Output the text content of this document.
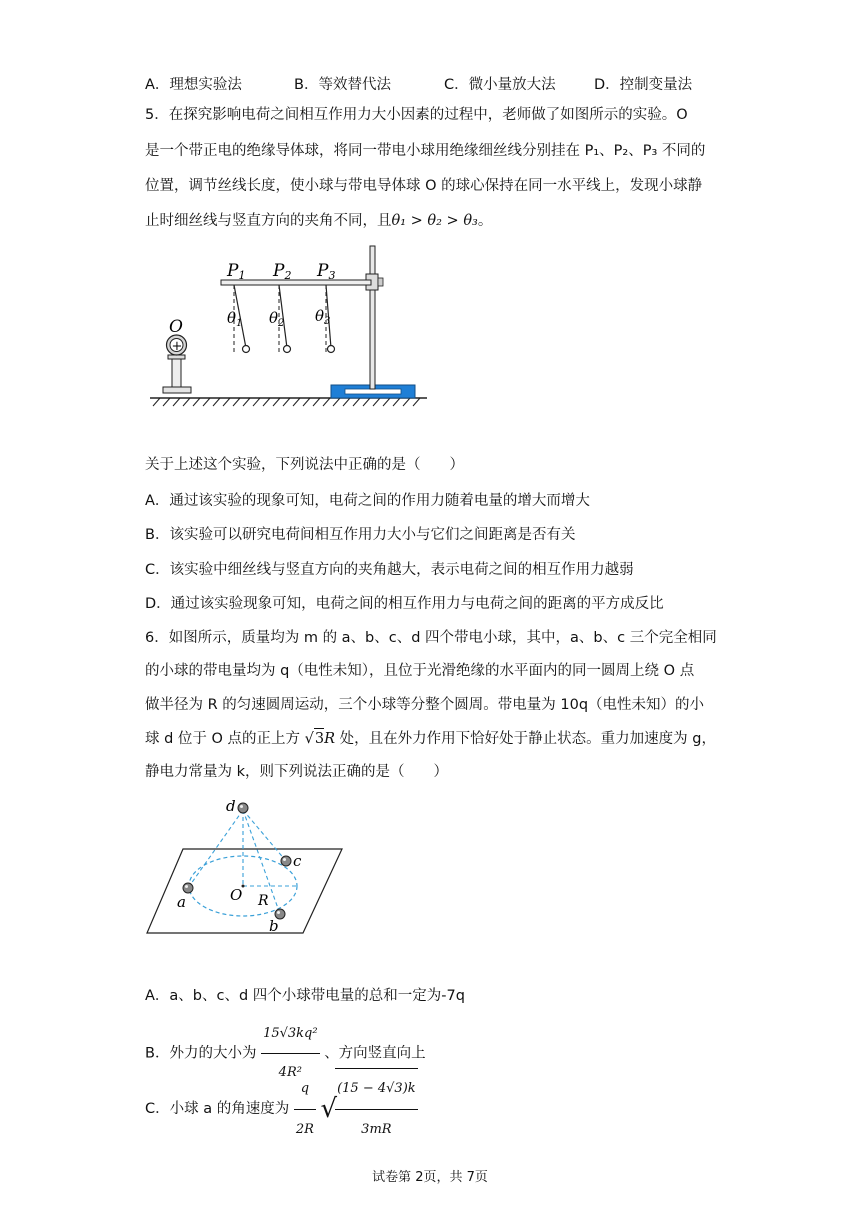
A．理想实验法	B．等效替代法	C．微小量放大法	D．控制变量法
5．在探究影响电荷之间相互作用力大小因素的过程中，老师做了如图所示的实验。O
是一个带正电的绝缘导体球，将同一带电小球用绝缘细丝线分别挂在 P₁、P₂、P₃ 不同的
位置，调节丝线长度，使小球与带电导体球 O 的球心保持在同一水平线上，发现小球静
止时细丝线与竖直方向的夹角不同，且θ₁ > θ₂ > θ₃。
P1 P2 P3
$\theta_1$ $\theta_2$ $\theta_3$
+
O
关于上述这个实验，下列说法中正确的是（　　）
A．通过该实验的现象可知，电荷之间的作用力随着电量的增大而增大
B．该实验可以研究电荷间相互作用力大小与它们之间距离是否有关
C．该实验中细丝线与竖直方向的夹角越大，表示电荷之间的相互作用力越弱
D．通过该实验现象可知，电荷之间的相互作用力与电荷之间的距离的平方成反比
6．如图所示，质量均为 m 的 a、b、c、d 四个带电小球，其中，a、b、c 三个完全相同
的小球的带电量均为 q（电性未知），且位于光滑绝缘的水平面内的同一圆周上绕 O 点
做半径为 R 的匀速圆周运动，三个小球等分整个圆周。带电量为 10q（电性未知）的小
球 d 位于 O 点的正上方 √3R 处，且在外力作用下恰好处于静止状态。重力加速度为 g，
静电力常量为 k，则下列说法正确的是（　　）
d
c
a
b
O R
A．a、b、c、d 四个小球带电量的总和一定为-7q
B．外力的大小为 $\frac{\text{15√3kq²}}{\text{4R²}}$ 、方向竖直向上
C．小球 a 的角速度为 $\frac{q}{2R}$ √
$\frac{(15 - 4√3)k}{3mR}$
试卷第 2页，共 7页
